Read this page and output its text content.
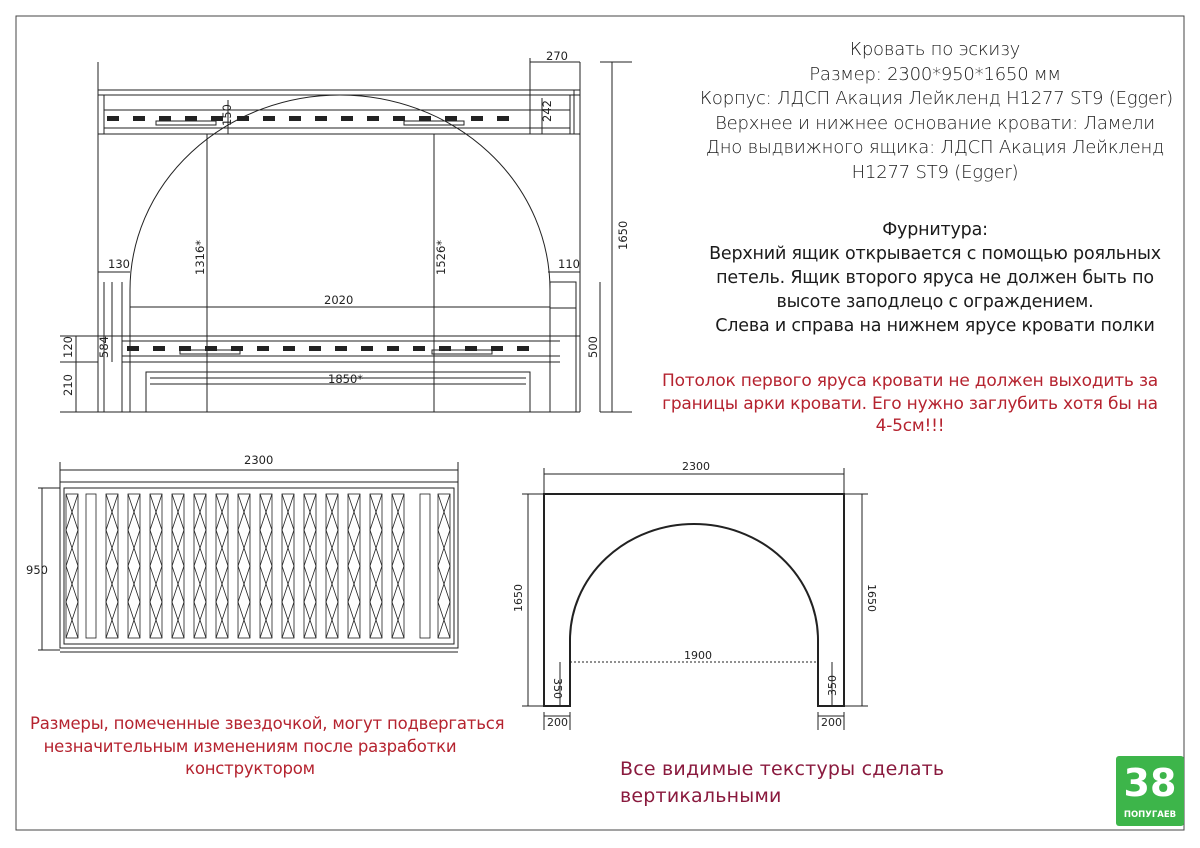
270
242
150
1650
1316*	1526*
130	110
2020
120 584	500
210	1850*
2300
950
2300
1650	1650
1900
350	350
200	200
Кровать по эскизу
Размер: 2300*950*1650 мм
Корпус: ЛДСП Акация Лейкленд H1277 ST9 (Egger)
Верхнее и нижнее основание кровати: Ламели
Дно выдвижного ящика: ЛДСП Акация Лейкленд
H1277 ST9 (Egger)
Фурнитура:
Верхний ящик открывается с помощью рояльных
петель. Ящик второго яруса не должен быть по
высоте заподлецо с ограждением.
Слева и справа на нижнем ярусе кровати полки
Потолок первого яруса кровати не должен выходить за
границы арки кровати. Его нужно заглубить хотя бы на
4-5см!!!
Размеры, помеченные звездочкой, могут подвергаться
незначительным изменениям после разработки
конструктором	Все видимые текстуры сделать
вертикальными	38
ПОПУГАЕВ
